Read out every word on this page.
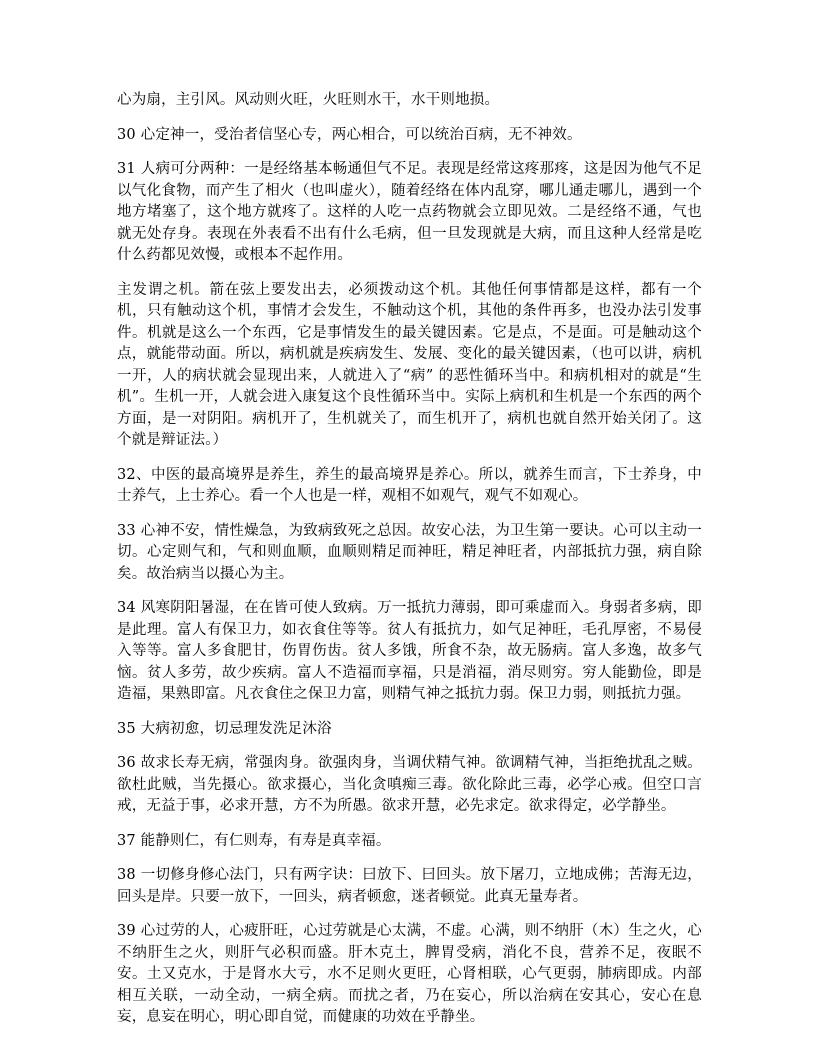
心为扇，主引风。风动则火旺，火旺则水干，水干则地损。

30 心定神一，受治者信坚心专，两心相合，可以统治百病，无不神效。

31 人病可分两种：一是经络基本畅通但气不足。表现是经常这疼那疼，这是因为他气不足以气化食物，而产生了相火（也叫虚火），随着经络在体内乱穿，哪儿通走哪儿，遇到一个地方堵塞了，这个地方就疼了。这样的人吃一点药物就会立即见效。二是经络不通，气也就无处存身。表现在外表看不出有什么毛病，但一旦发现就是大病，而且这种人经常是吃什么药都见效慢，或根本不起作用。

主发谓之机。箭在弦上要发出去，必须拨动这个机。其他任何事情都是这样，都有一个机，只有触动这个机，事情才会发生，不触动这个机，其他的条件再多，也没办法引发事件。机就是这么一个东西，它是事情发生的最关键因素。它是点，不是面。可是触动这个点，就能带动面。所以，病机就是疾病发生、发展、变化的最关键因素，（也可以讲，病机一开，人的病状就会显现出来，人就进入了“病” 的恶性循环当中。和病机相对的就是“生机”。生机一开，人就会进入康复这个良性循环当中。实际上病机和生机是一个东西的两个方面，是一对阴阳。病机开了，生机就关了，而生机开了，病机也就自然开始关闭了。这个就是辩证法。）

32、中医的最高境界是养生，养生的最高境界是养心。所以，就养生而言，下士养身，中士养气，上士养心。看一个人也是一样，观相不如观气，观气不如观心。

33 心神不安，情性燥急，为致病致死之总因。故安心法，为卫生第一要诀。心可以主动一切。心定则气和，气和则血顺，血顺则精足而神旺，精足神旺者，内部抵抗力强，病自除矣。故治病当以摄心为主。

34 风寒阴阳暑湿，在在皆可使人致病。万一抵抗力薄弱，即可乘虚而入。身弱者多病，即是此理。富人有保卫力，如衣食住等等。贫人有抵抗力，如气足神旺，毛孔厚密，不易侵入等等。富人多食肥甘，伤胃伤齿。贫人多饿，所食不杂，故无肠病。富人多逸，故多气恼。贫人多劳，故少疾病。富人不造福而享福，只是消福，消尽则穷。穷人能勤俭，即是造福，果熟即富。凡衣食住之保卫力富，则精气神之抵抗力弱。保卫力弱，则抵抗力强。

35 大病初愈，切忌理发洗足沐浴

36 故求长寿无病，常强肉身。欲强肉身，当调伏精气神。欲调精气神，当拒绝扰乱之贼。欲杜此贼，当先摄心。欲求摄心，当化贪嗔痴三毒。欲化除此三毒，必学心戒。但空口言戒，无益于事，必求开慧，方不为所愚。欲求开慧，必先求定。欲求得定，必学静坐。

37 能静则仁，有仁则寿，有寿是真幸福。

38 一切修身修心法门，只有两字诀：曰放下、曰回头。放下屠刀，立地成佛；苦海无边，回头是岸。只要一放下，一回头，病者顿愈，迷者顿觉。此真无量寿者。

39 心过劳的人，心疲肝旺，心过劳就是心太满，不虚。心满，则不纳肝（木）生之火，心不纳肝生之火，则肝气必积而盛。肝木克土，脾胃受病，消化不良，营养不足，夜眠不安。土又克水，于是肾水大亏，水不足则火更旺，心肾相联，心气更弱，肺病即成。内部相互关联，一动全动，一病全病。而扰之者，乃在妄心，所以治病在安其心，安心在息妄，息妄在明心，明心即自觉，而健康的功效在乎静坐。
